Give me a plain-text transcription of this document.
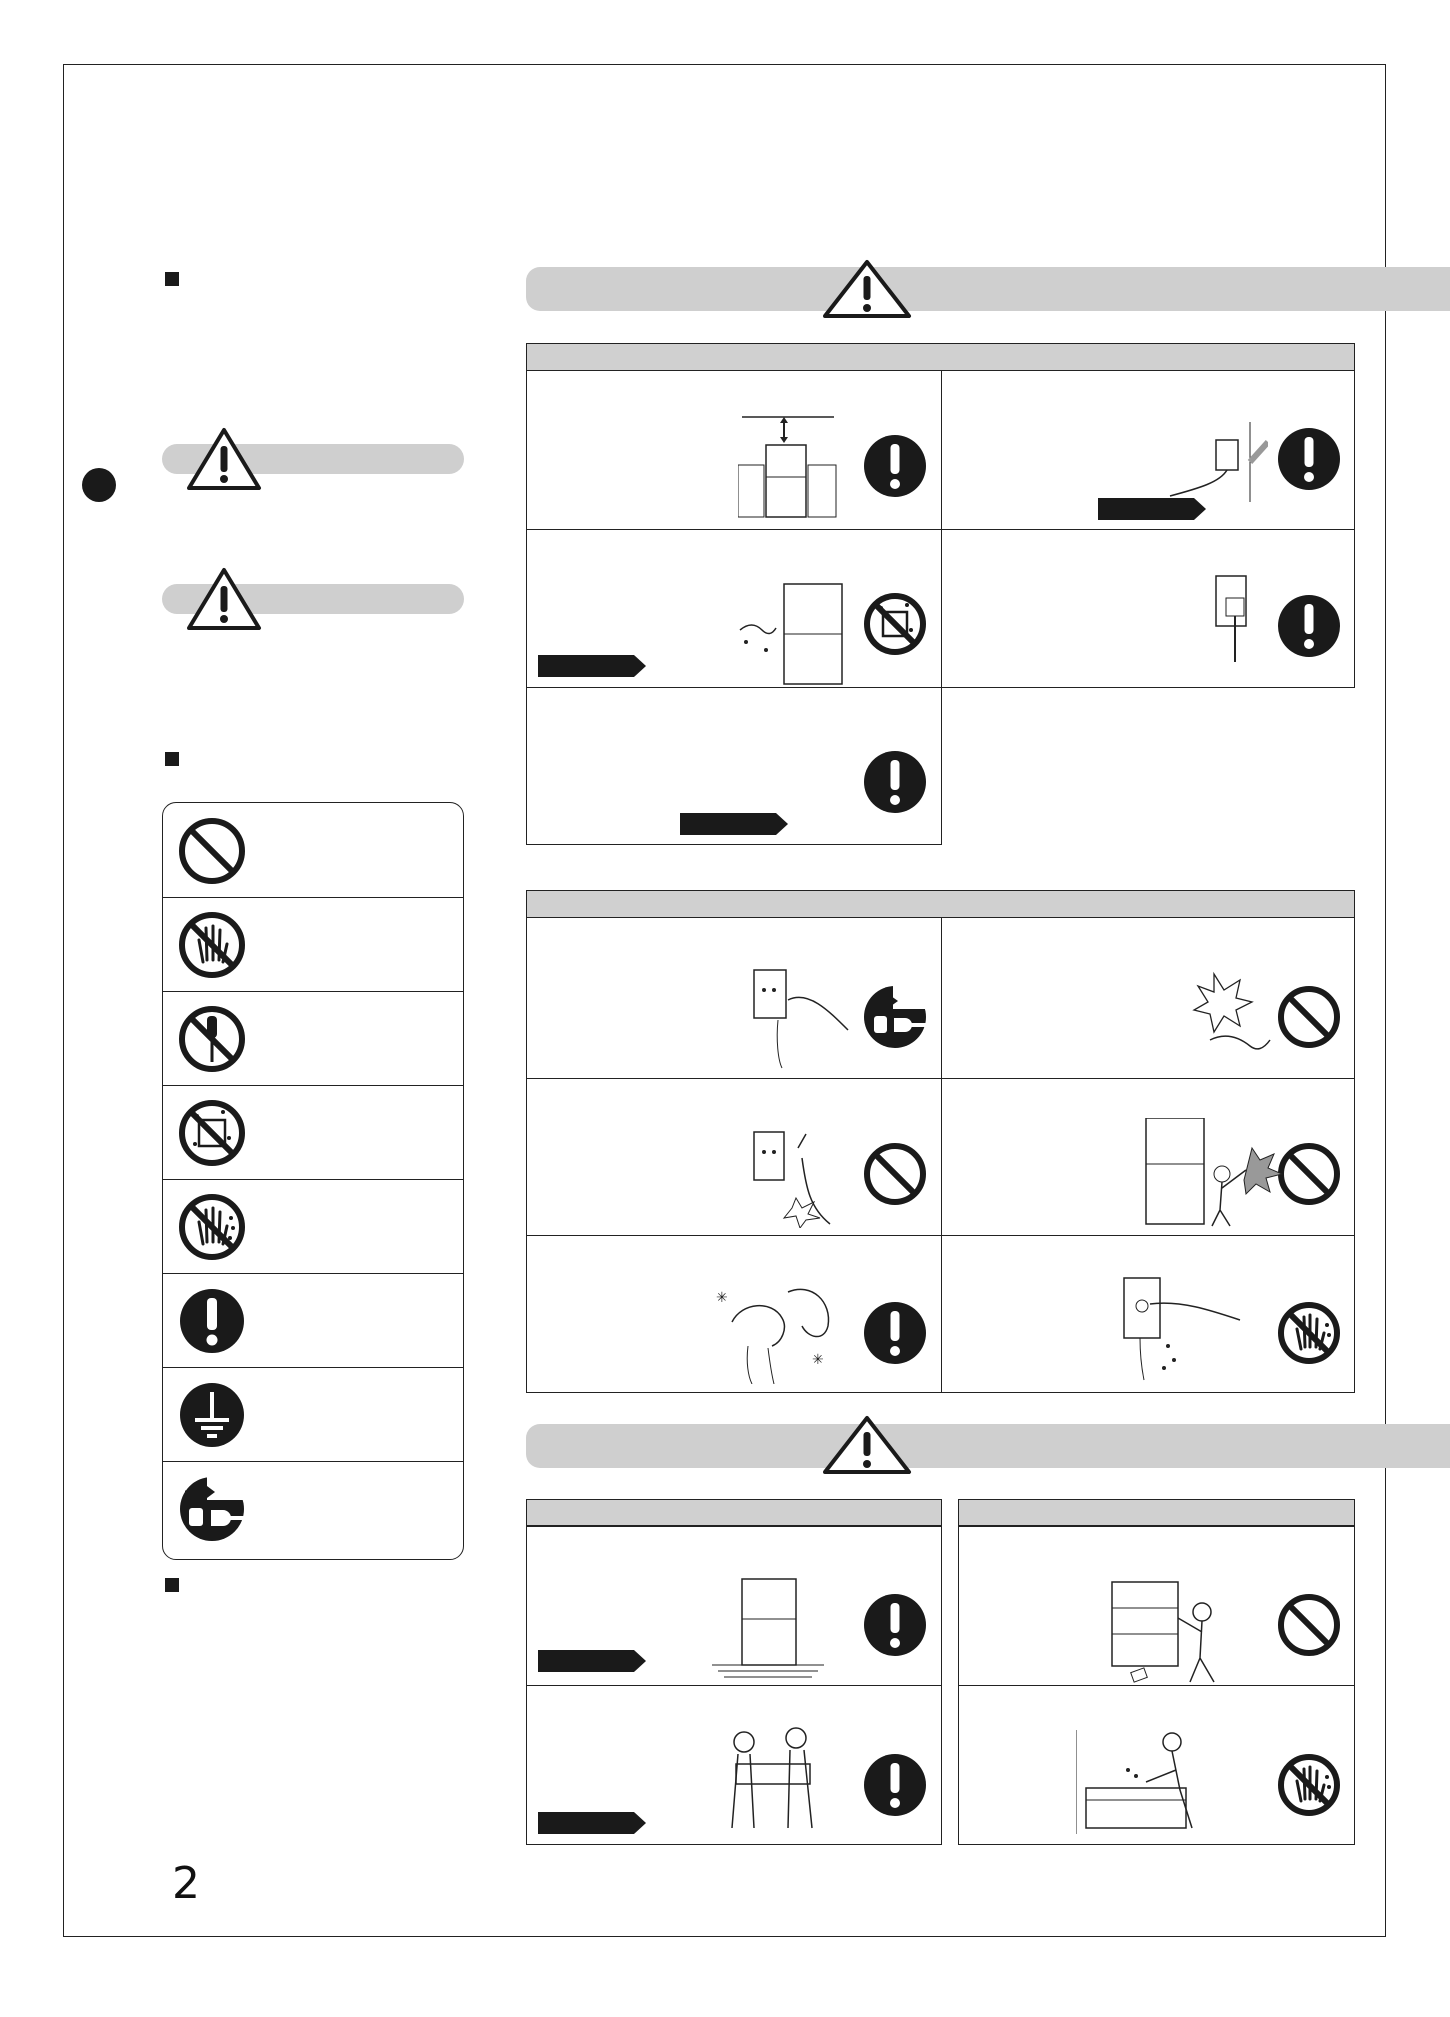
2
✳
✳
